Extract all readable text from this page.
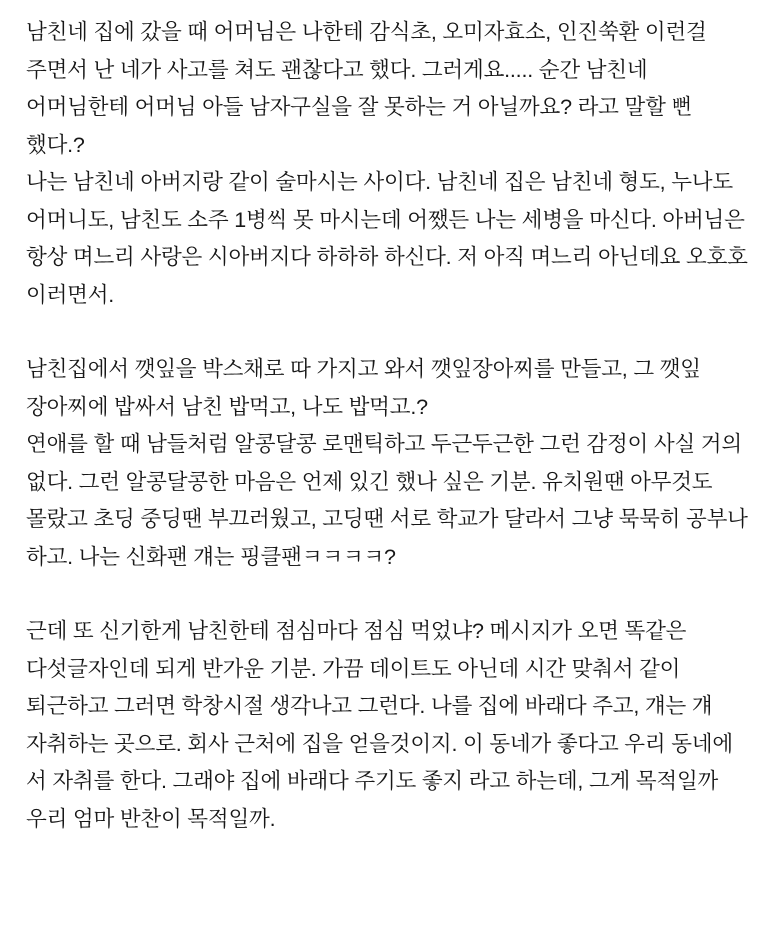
남친네 집에 갔을 때 어머님은 나한테 감식초, 오미자효소, 인진쑥환 이런걸 주면서 난 네가 사고를 쳐도 괜찮다고 했다. 그러게요..... 순간 남친네 어머님한테 어머님 아들 남자구실을 잘 못하는 거 아닐까요? 라고 말할 뻔 했다.?

나는 남친네 아버지랑 같이 술마시는 사이다. 남친네 집은 남친네 형도, 누나도 어머니도, 남친도 소주 1병씩 못 마시는데 어쨌든 나는 세병을 마신다. 아버님은 항상 며느리 사랑은 시아버지다 하하하 하신다. 저 아직 며느리 아닌데요 오호호 이러면서.

남친집에서 깻잎을 박스채로 따 가지고 와서 깻잎장아찌를 만들고, 그 깻잎 장아찌에 밥싸서 남친 밥먹고, 나도 밥먹고.?

연애를 할 때 남들처럼 알콩달콩 로맨틱하고 두근두근한 그런 감정이 사실 거의 없다. 그런 알콩달콩한 마음은 언제 있긴 했나 싶은 기분. 유치원땐 아무것도 몰랐고 초딩 중딩땐 부끄러웠고, 고딩땐 서로 학교가 달라서 그냥 묵묵히 공부나 하고. 나는 신화팬 걔는 핑클팬ㅋㅋㅋㅋ?

근데 또 신기한게 남친한테 점심마다 점심 먹었냐? 메시지가 오면 똑같은 다섯글자인데 되게 반가운 기분. 가끔 데이트도 아닌데 시간 맞춰서 같이 퇴근하고 그러면 학창시절 생각나고 그런다. 나를 집에 바래다 주고, 걔는 걔 자취하는 곳으로. 회사 근처에 집을 얻을것이지. 이 동네가 좋다고 우리 동네에 서 자취를 한다. 그래야 집에 바래다 주기도 좋지 라고 하는데, 그게 목적일까 우리 엄마 반찬이 목적일까.
